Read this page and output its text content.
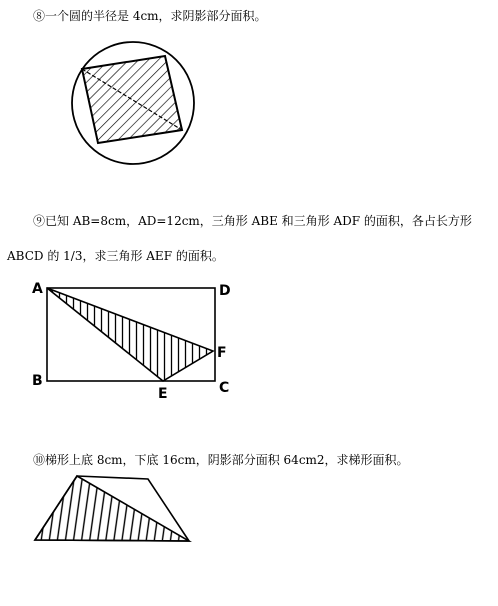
⑧一个圆的半径是 4cm，求阴影部分面积。
⑨已知 AB=8cm，AD=12cm，三角形 ABE 和三角形 ADF 的面积，各占长方形
ABCD 的 1/3，求三角形 AEF 的面积。
⑩梯形上底 8cm，下底 16cm，阴影部分面积 64cm2，求梯形面积。
A	D
B	C
E
F
